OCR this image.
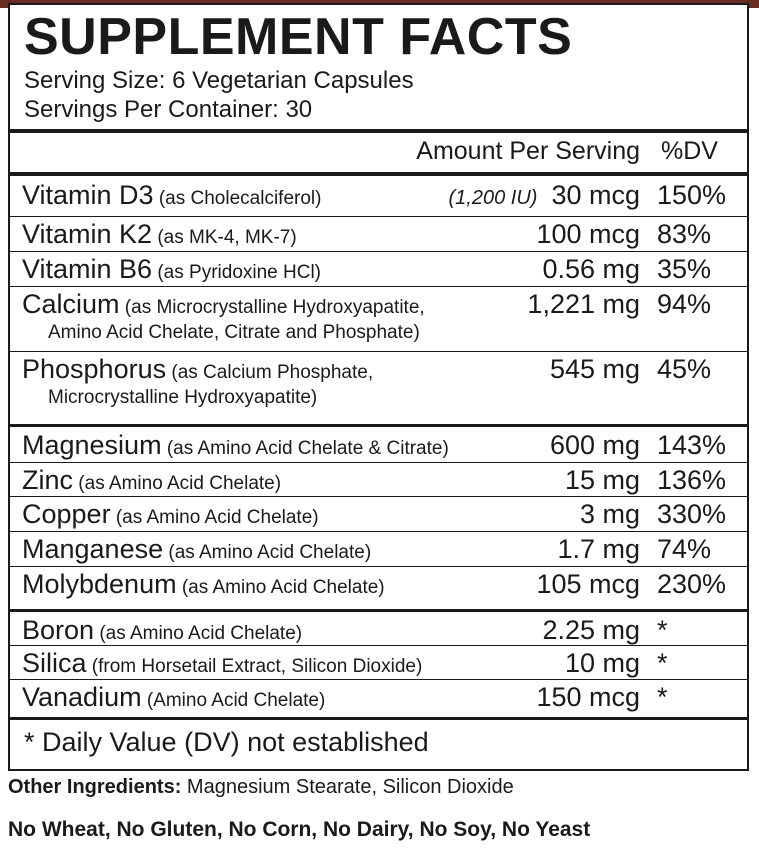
SUPPLEMENT FACTS
Serving Size: 6 Vegetarian Capsules
Servings Per Container: 30
Amount Per Serving %DV
Vitamin D3 (as Cholecalciferol)	(1,200 IU) 30 mcg 150%
Vitamin K2 (as MK-4, MK-7)	100 mcg 83%
Vitamin B6 (as Pyridoxine HCl)	0.56 mg 35%
Calcium (as Microcrystalline Hydroxyapatite,
Amino Acid Chelate, Citrate and Phosphate)
1,221 mg 94%
Phosphorus (as Calcium Phosphate,
Microcrystalline Hydroxyapatite)
545 mg 45%
Magnesium (as Amino Acid Chelate & Citrate)	600 mg 143%
Zinc (as Amino Acid Chelate)	15 mg 136%
Copper (as Amino Acid Chelate)	3 mg 330%
Manganese (as Amino Acid Chelate)	1.7 mg 74%
Molybdenum (as Amino Acid Chelate)	105 mcg 230%
Boron (as Amino Acid Chelate)	2.25 mg *
Silica (from Horsetail Extract, Silicon Dioxide)	10 mg *
Vanadium (Amino Acid Chelate)	150 mcg *
* Daily Value (DV) not established
Other Ingredients: Magnesium Stearate, Silicon Dioxide
No Wheat, No Gluten, No Corn, No Dairy, No Soy, No Yeast
